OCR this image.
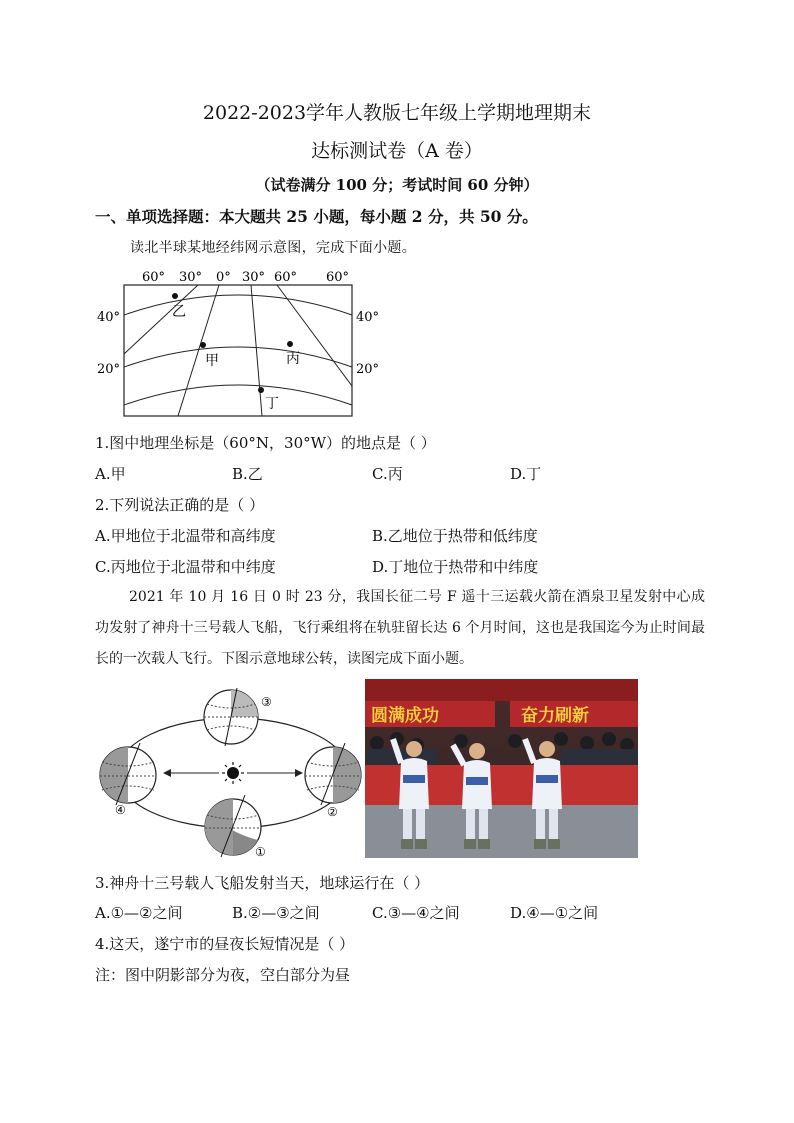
2022-2023学年人教版七年级上学期地理期末
达标测试卷（A 卷）
（试卷满分 100 分；考试时间 60 分钟）
一、单项选择题：本大题共 25 小题，每小题 2 分，共 50 分。
读北半球某地经纬网示意图，完成下面小题。
乙
甲	丙
丁
60° 30° 0° 30° 60° 60°
40°
20°
40°
20°
1.图中地理坐标是（60°N，30°W）的地点是（ ）
A.甲	B.乙	C.丙	D.丁
2.下列说法正确的是（ ）
A.甲地位于北温带和高纬度	B.乙地位于热带和低纬度
C.丙地位于北温带和中纬度	D.丁地位于热带和中纬度
2021 年 10 月 16 日 0 时 23 分，我国长征二号 F 遥十三运载火箭在酒泉卫星发射中心成功发射了神舟十三号载人飞船，飞行乘组将在轨驻留长达 6 个月时间，这也是我国迄今为止时间最长的一次载人飞行。下图示意地球公转，读图完成下面小题。
③
②
④
①
圆满成功	奋力刷新
3.神舟十三号载人飞船发射当天，地球运行在（ ）
A.①—②之间	B.②—③之间	C.③—④之间	D.④—①之间
4.这天，遂宁市的昼夜长短情况是（ ）
注：图中阴影部分为夜，空白部分为昼
